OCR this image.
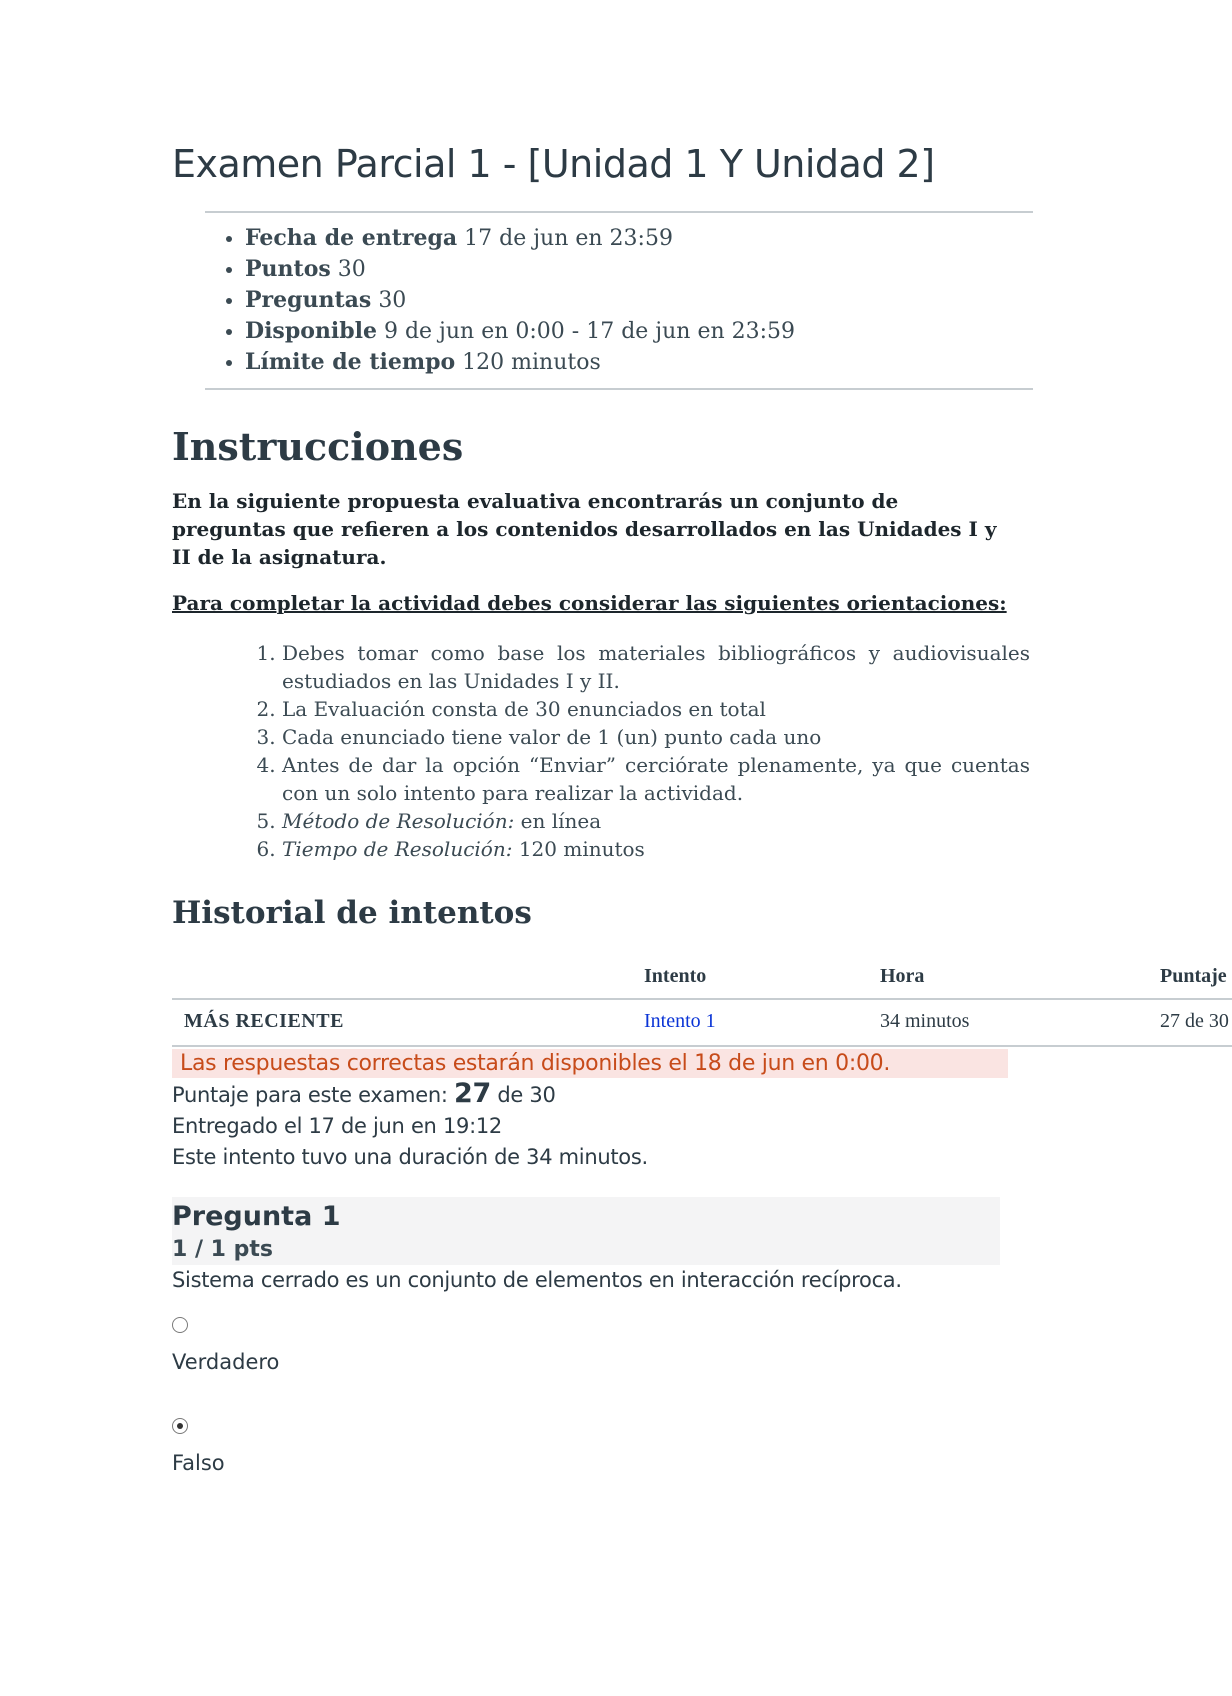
Examen Parcial 1 - [Unidad 1 Y Unidad 2]
• Fecha de entrega 17 de jun en 23:59
• Puntos 30
• Preguntas 30
• Disponible 9 de jun en 0:00 - 17 de jun en 23:59
• Límite de tiempo 120 minutos
Instrucciones

En la siguiente propuesta evaluativa encontrarás un conjunto de preguntas que refieren a los contenidos desarrollados en las Unidades I y II de la asignatura.

Para completar la actividad debes considerar las siguientes orientaciones:

1. Debes tomar como base los materiales bibliográficos y audiovisuales estudiados en las Unidades I y II.
2. La Evaluación consta de 30 enunciados en total
3. Cada enunciado tiene valor de 1 (un) punto cada uno
4. Antes de dar la opción “Enviar” cerciórate plenamente, ya que cuentas con un solo intento para realizar la actividad.
5. Método de Resolución: en línea
6. Tiempo de Resolución: 120 minutos
Historial de intentos
	Intento	Hora	Puntaje
MÁS RECIENTE	Intento 1	34 minutos	27 de 30
Las respuestas correctas estarán disponibles el 18 de jun en 0:00.
Puntaje para este examen: 27 de 30
Entregado el 17 de jun en 19:12
Este intento tuvo una duración de 34 minutos.
Pregunta 1
1 / 1 pts
Sistema cerrado es un conjunto de elementos en interacción recíproca.
Verdadero
Falso
